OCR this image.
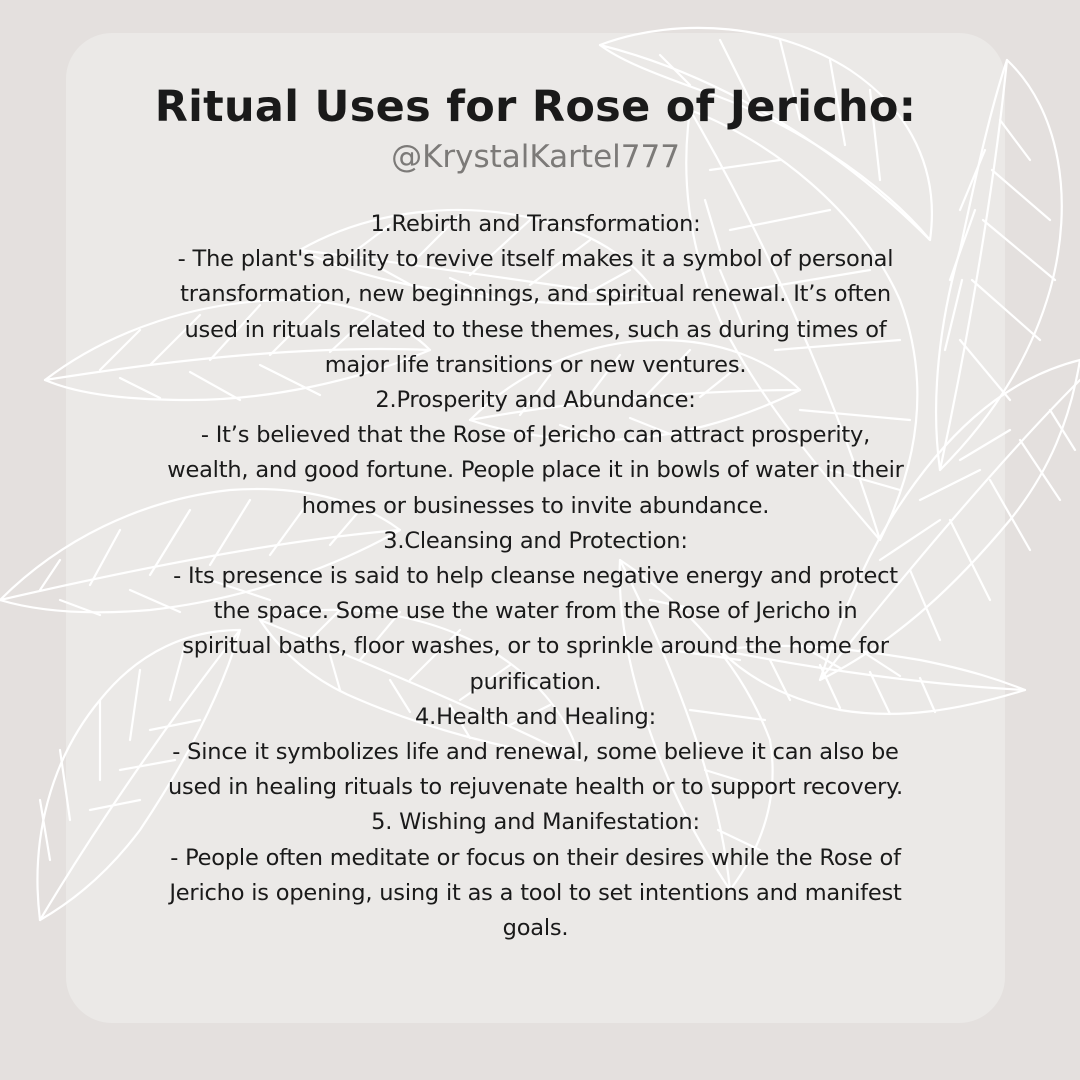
Ritual Uses for Rose of Jericho:
@KrystalKartel777
1.Rebirth and Transformation:
- The plant's ability to revive itself makes it a symbol of personal
transformation, new beginnings, and spiritual renewal. It’s often
used in rituals related to these themes, such as during times of
major life transitions or new ventures.
2.Prosperity and Abundance:
- It’s believed that the Rose of Jericho can attract prosperity,
wealth, and good fortune. People place it in bowls of water in their
homes or businesses to invite abundance.
3.Cleansing and Protection:
- Its presence is said to help cleanse negative energy and protect
the space. Some use the water from the Rose of Jericho in
spiritual baths, floor washes, or to sprinkle around the home for
purification.
4.Health and Healing:
- Since it symbolizes life and renewal, some believe it can also be
used in healing rituals to rejuvenate health or to support recovery.
5. Wishing and Manifestation:
- People often meditate or focus on their desires while the Rose of
Jericho is opening, using it as a tool to set intentions and manifest
goals.
